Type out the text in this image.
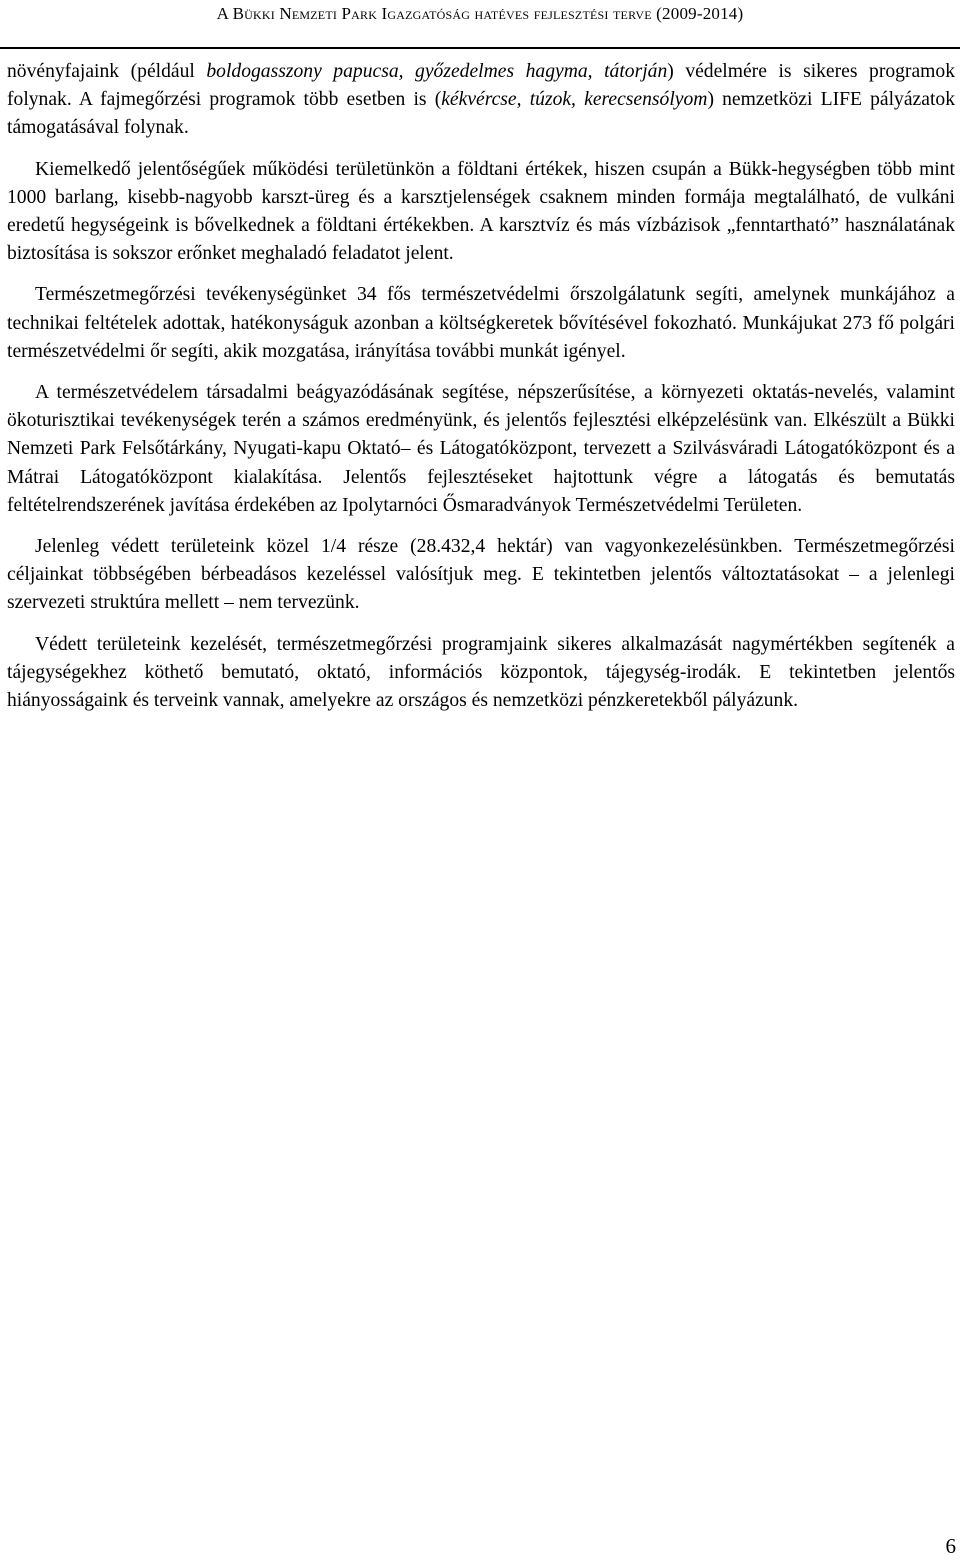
A Bükki Nemzeti Park Igazgatóság hatéves fejlesztési terve (2009-2014)

növényfajaink (például boldogasszony papucsa, győzedelmes hagyma, tátorján) védelmére is sikeres programok folynak. A fajmegőrzési programok több esetben is (kékvércse, túzok, kerecsensólyom) nemzetközi LIFE pályázatok támogatásával folynak.

Kiemelkedő jelentőségűek működési területünkön a földtani értékek, hiszen csupán a Bükk-hegységben több mint 1000 barlang, kisebb-nagyobb karszt-üreg és a karsztjelenségek csaknem minden formája megtalálható, de vulkáni eredetű hegységeink is bővelkednek a földtani értékekben. A karsztvíz és más vízbázisok „fenntartható” használatának biztosítása is sokszor erőnket meghaladó feladatot jelent.

Természetmegőrzési tevékenységünket 34 fős természetvédelmi őrszolgálatunk segíti, amelynek munkájához a technikai feltételek adottak, hatékonyságuk azonban a költségkeretek bővítésével fokozható. Munkájukat 273 fő polgári természetvédelmi őr segíti, akik mozgatása, irányítása további munkát igényel.

A természetvédelem társadalmi beágyazódásának segítése, népszerűsítése, a környezeti oktatás-nevelés, valamint ökoturisztikai tevékenységek terén a számos eredményünk, és jelentős fejlesztési elképzelésünk van. Elkészült a Bükki Nemzeti Park Felsőtárkány, Nyugati-kapu Oktató– és Látogatóközpont, tervezett a Szilvásváradi Látogatóközpont és a Mátrai Látogatóközpont kialakítása. Jelentős fejlesztéseket hajtottunk végre a látogatás és bemutatás feltételrendszerének javítása érdekében az Ipolytarnóci Ősmaradványok Természetvédelmi Területen.

Jelenleg védett területeink közel 1/4 része (28.432,4 hektár) van vagyonkezelésünkben. Természetmegőrzési céljainkat többségében bérbeadásos kezeléssel valósítjuk meg. E tekintetben jelentős változtatásokat – a jelenlegi szervezeti struktúra mellett – nem tervezünk.

Védett területeink kezelését, természetmegőrzési programjaink sikeres alkalmazását nagymértékben segítenék a tájegységekhez köthető bemutató, oktató, információs központok, tájegység-irodák. E tekintetben jelentős hiányosságaink és terveink vannak, amelyekre az országos és nemzetközi pénzkeretekből pályázunk.

6
